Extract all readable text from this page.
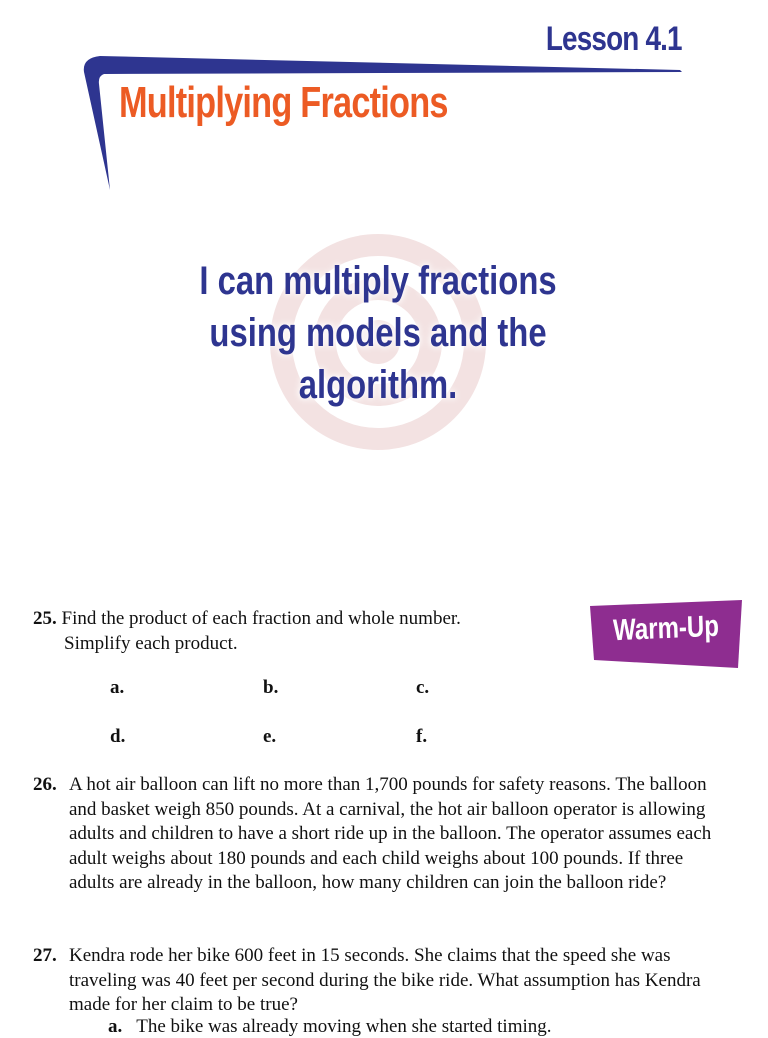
Lesson 4.1
Multiplying Fractions
I can multiply fractions
using models and the
algorithm.
Warm-Up
25. Find the product of each fraction and whole number.
Simplify each product.
a.	b.	c.
d.	e.	f.
26. A hot air balloon can lift no more than 1,700 pounds for safety reasons. The balloon and basket weigh 850 pounds. At a carnival, the hot air balloon operator is allowing adults and children to have a short ride up in the balloon. The operator assumes each adult weighs about 180 pounds and each child weighs about 100 pounds. If three adults are already in the balloon, how many children can join the balloon ride?
27. Kendra rode her bike 600 feet in 15 seconds. She claims that the speed she was traveling was 40 feet per second during the bike ride. What assumption has Kendra made for her claim to be true?
a. The bike was already moving when she started timing.
